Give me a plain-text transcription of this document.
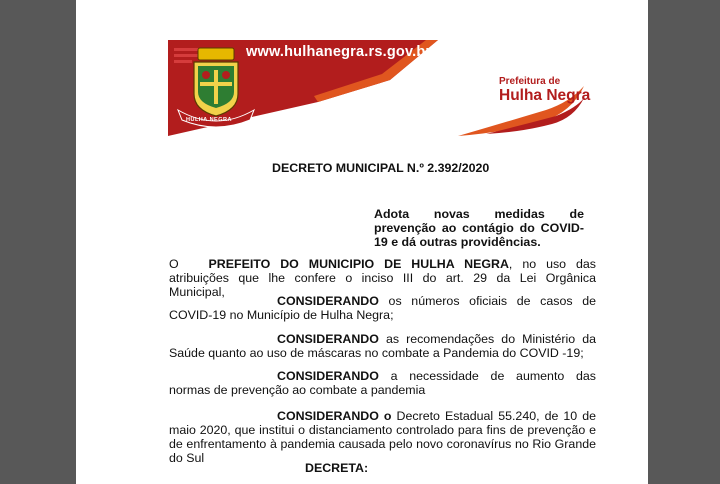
www.hulhanegra.rs.gov.br
HULHA NEGRA
Prefeitura de
Hulha Negra

DECRETO MUNICIPAL N.º 2.392/2020

Adota novas medidas de prevenção ao contágio do COVID-19 e dá outras providências.

O PREFEITO DO MUNICIPIO DE HULHA NEGRA, no uso das atribuições que lhe confere o inciso III do art. 29 da Lei Orgânica Municipal,

CONSIDERANDO os números oficiais de casos de COVID-19 no Município de Hulha Negra;

CONSIDERANDO as recomendações do Ministério da Saúde quanto ao uso de máscaras no combate a Pandemia do COVID -19;

CONSIDERANDO a necessidade de aumento das normas de prevenção ao combate a pandemia

CONSIDERANDO o Decreto Estadual 55.240, de 10 de maio 2020, que institui o distanciamento controlado para fins de prevenção e de enfrentamento à pandemia causada pelo novo coronavírus no Rio Grande do Sul

DECRETA:
